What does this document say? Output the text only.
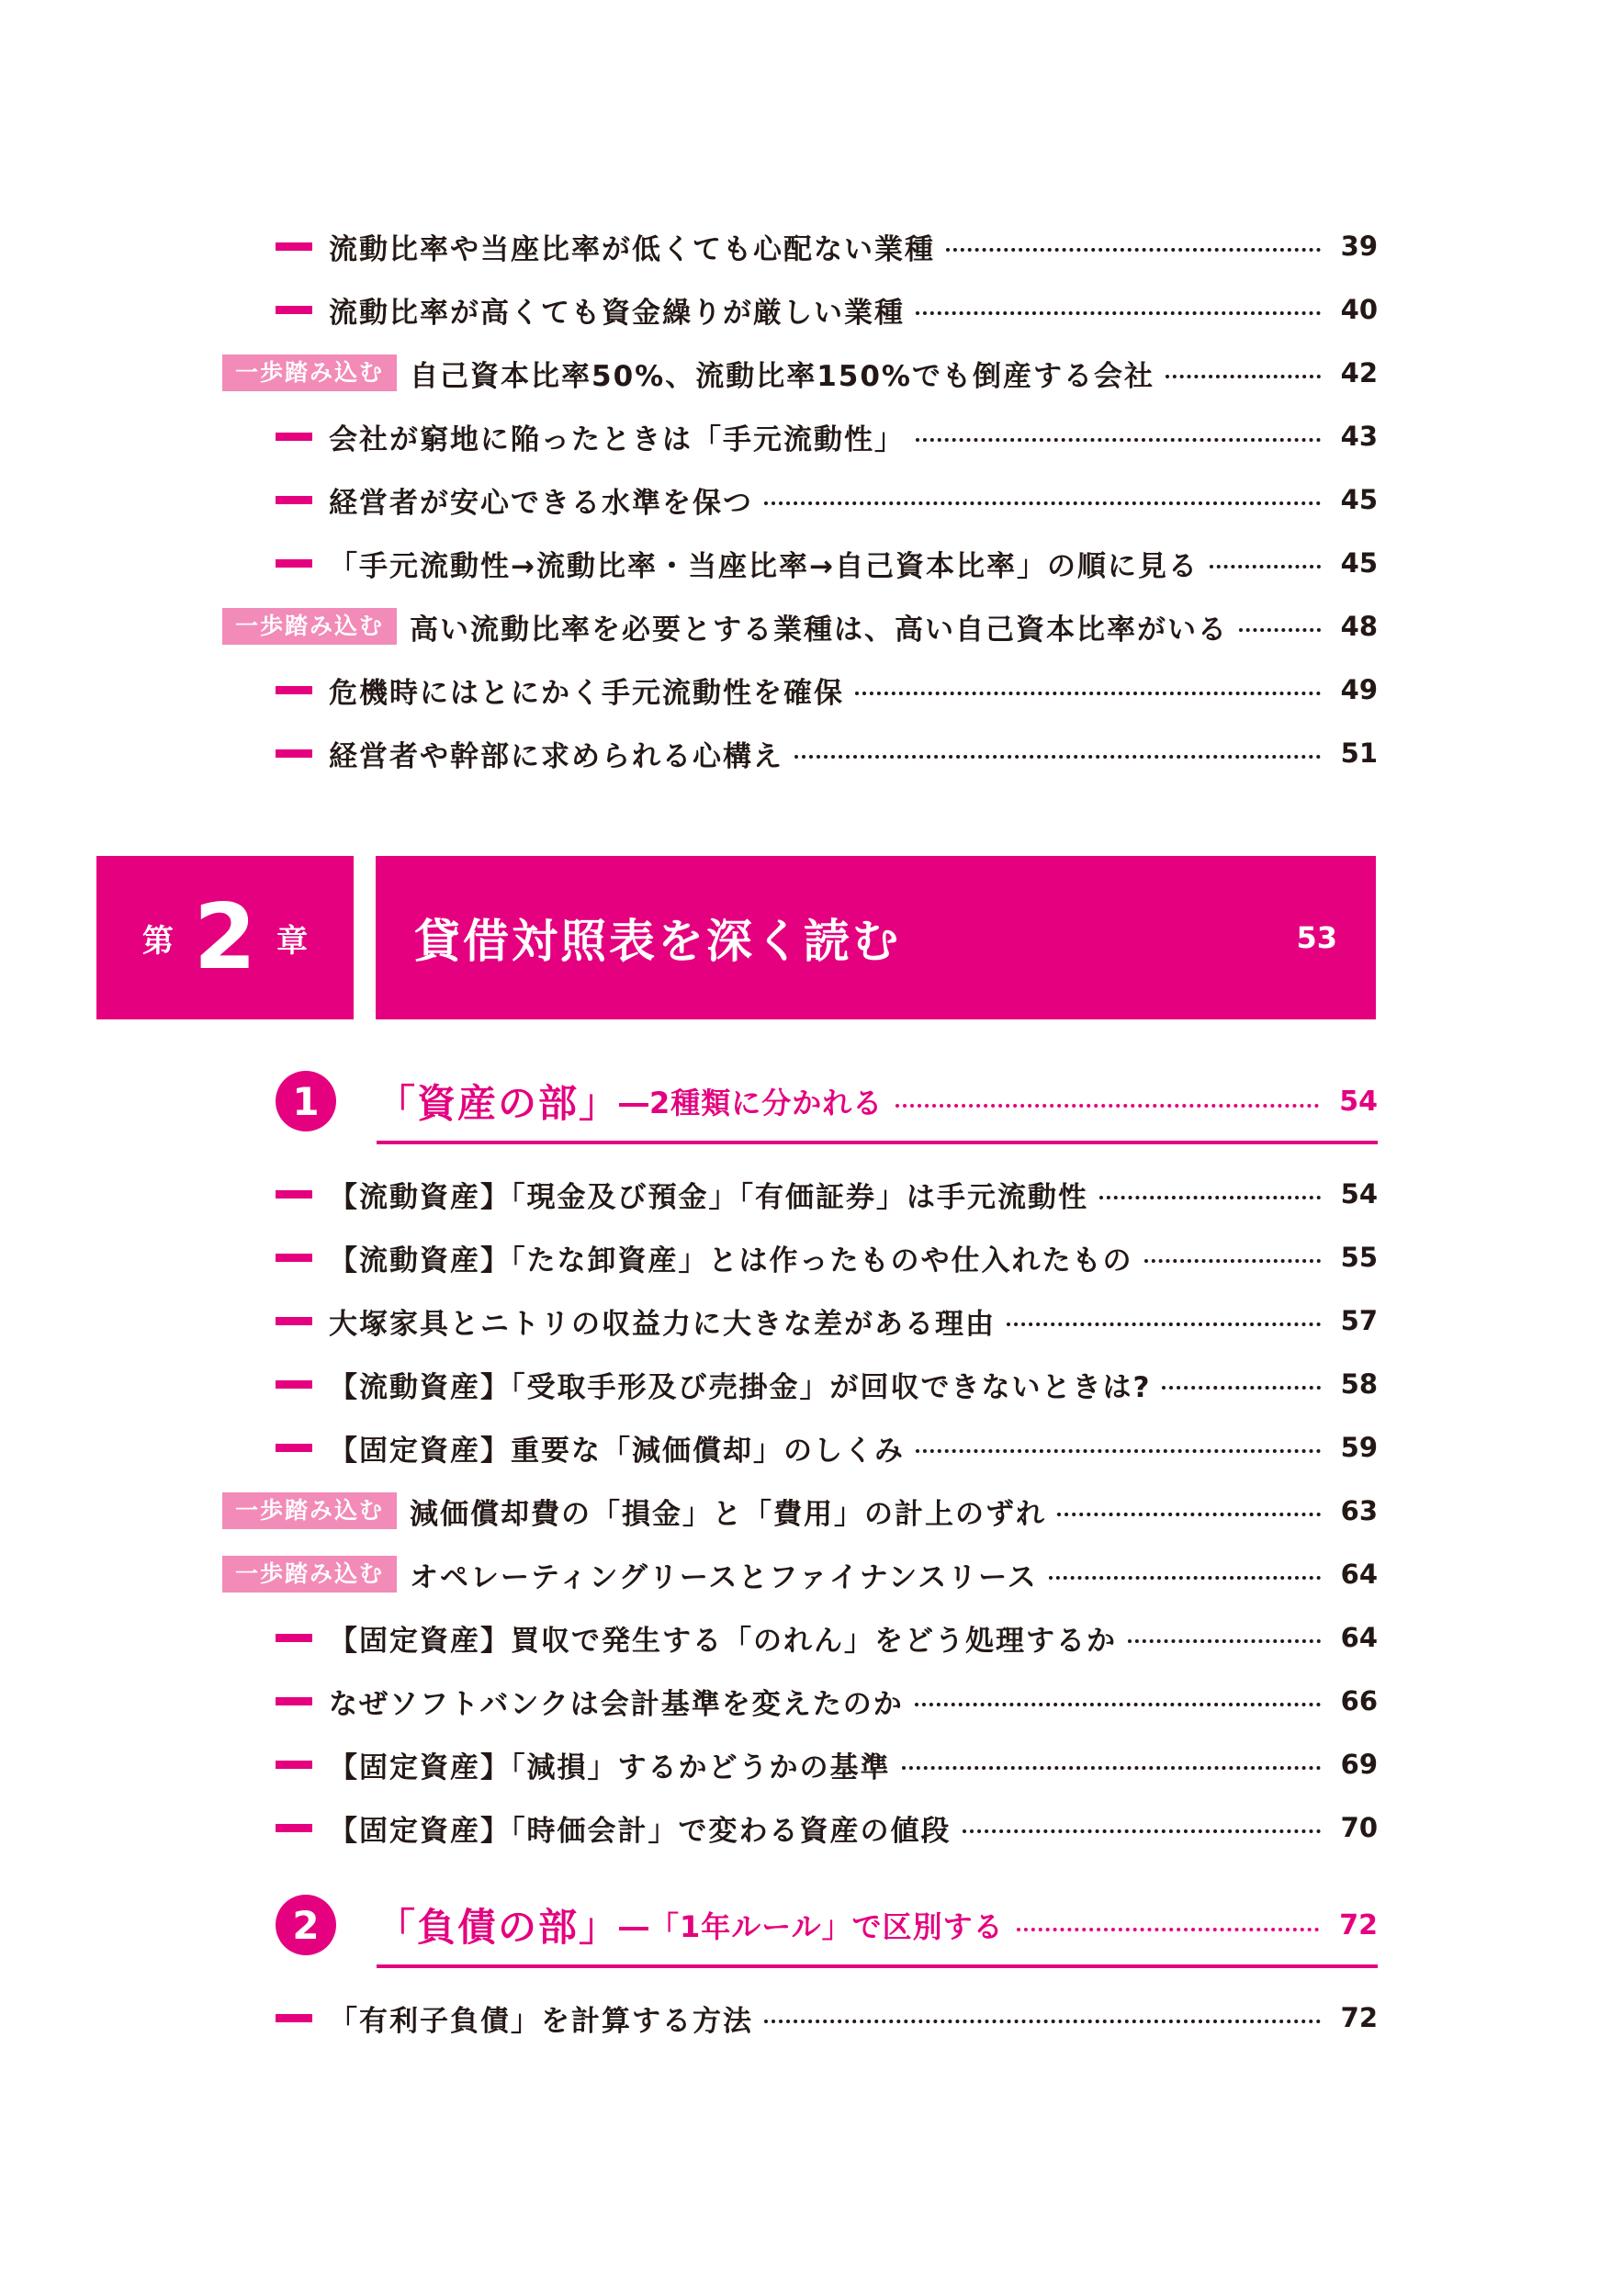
流動比率や当座比率が低くても心配ない業種	39
流動比率が高くても資金繰りが厳しい業種	40
一歩踏み込む 自己資本比率50%、流動比率150%でも倒産する会社	42
会社が窮地に陥ったときは「手元流動性」	43
経営者が安心できる水準を保つ	45
「手元流動性→流動比率・当座比率→自己資本比率」の順に見る	45
一歩踏み込む 高い流動比率を必要とする業種は、高い自己資本比率がいる	48
危機時にはとにかく手元流動性を確保	49
経営者や幹部に求められる心構え	51
第 2 章 貸借対照表を深く読む	53
1	「資産の部」 ―2種類に分かれる	54
【流動資産】「現金及び預金」「有価証券」は手元流動性	54
【流動資産】「たな卸資産」とは作ったものや仕入れたもの	55
大塚家具とニトリの収益力に大きな差がある理由	57
【流動資産】「受取手形及び売掛金」が回収できないときは?	58
【固定資産】重要な「減価償却」のしくみ	59
一歩踏み込む 減価償却費の「損金」と「費用」の計上のずれ	63
一歩踏み込む オペレーティングリースとファイナンスリース	64
【固定資産】買収で発生する「のれん」をどう処理するか	64
なぜソフトバンクは会計基準を変えたのか	66
【固定資産】「減損」するかどうかの基準	69
【固定資産】「時価会計」で変わる資産の値段	70
2	「負債の部」 ―「1年ルール」で区別する	72
「有利子負債」を計算する方法	72
